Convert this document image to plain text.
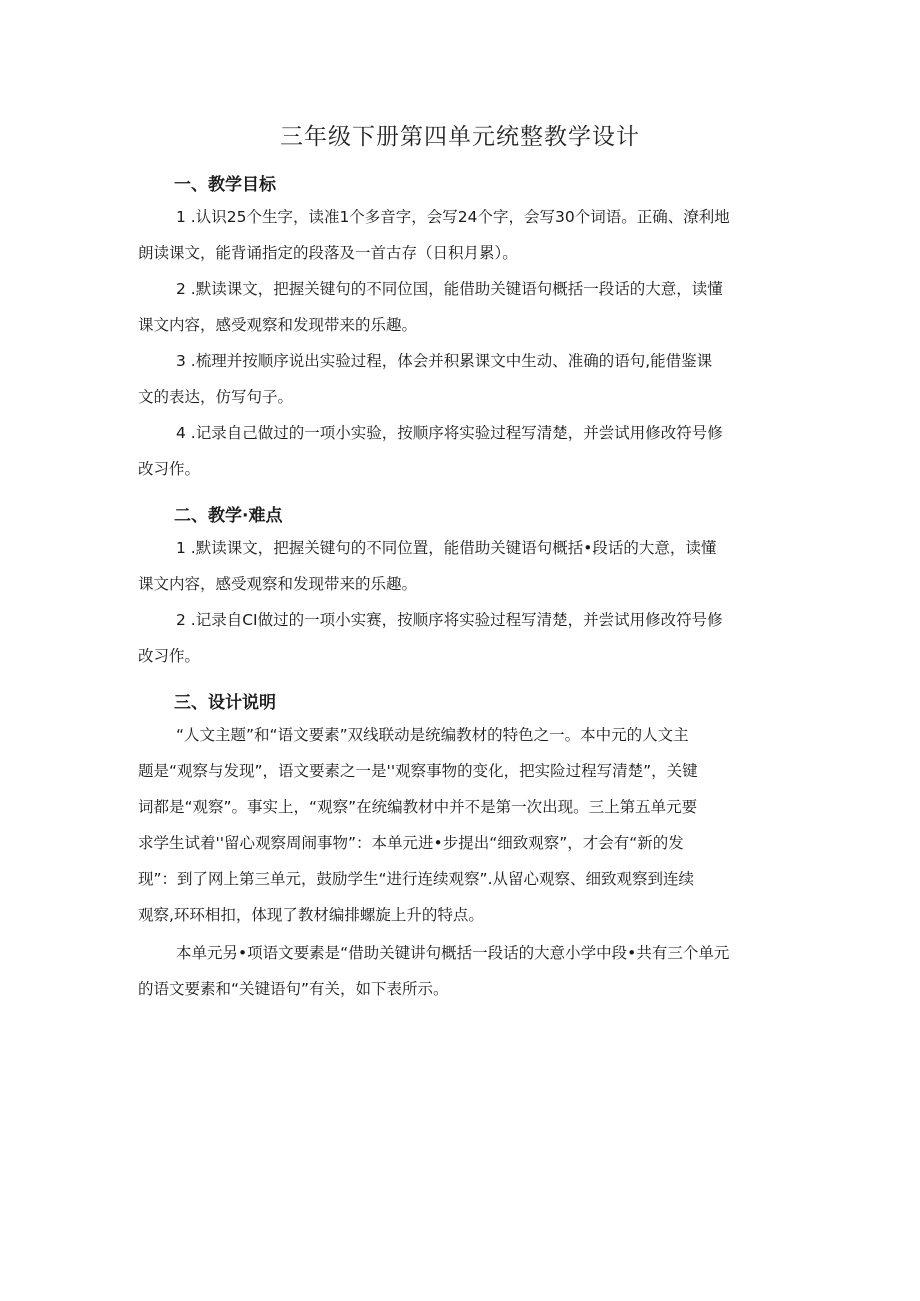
三年级下册第四单元统整教学设计
一、教学目标
1 .认识25个生字，读准1个多音字，会写24个字，会写30个词语。正确、潦利地
朗读课文，能背诵指定的段落及一首古存（日积月累）。
2 .默读课文，把握关键句的不同位国，能借助关键语句概括一段话的大意，读懂
课文内容，感受观察和发现带来的乐趣。
3 .梳理并按顺序说出实验过程，体会并积累课文中生动、准确的语句,能借鉴课
文的表达，仿写句子。
4 .记录自己做过的一项小实验，按顺序将实验过程写清楚，并尝试用修改符号修
改习作。
二、教学·难点
1 .默读课文，把握关键句的不同位置，能借助关键语句概括•段话的大意，读懂
课文内容，感受观察和发现带来的乐趣。
2 .记录自CI做过的一项小实赛，按顺序将实验过程写清楚，并尝试用修改符号修
改习作。
三、设计说明
“人文主题”和“语文要素”双线联动是统编教材的特色之一。本中元的人文主
题是“观察与发现”，语文要素之一是''观察事物的变化，把实险过程写清楚”，关键
词都是“观察”。事实上，“观察”在统编教材中并不是第一次出现。三上第五单元要
求学生试着''留心观察周闹事物”：本单元进•步提出“细致观察”，才会有“新的发
现”：到了网上第三单元，鼓励学生“进行连续观察”.从留心观察、细致观察到连续
观察,环环相扣，体现了教材编排螺旋上升的特点。
本单元另•项语文要素是“借助关键讲句概括一段话的大意小学中段•共有三个单元
的语文要素和“关键语句”有关，如下表所示。
